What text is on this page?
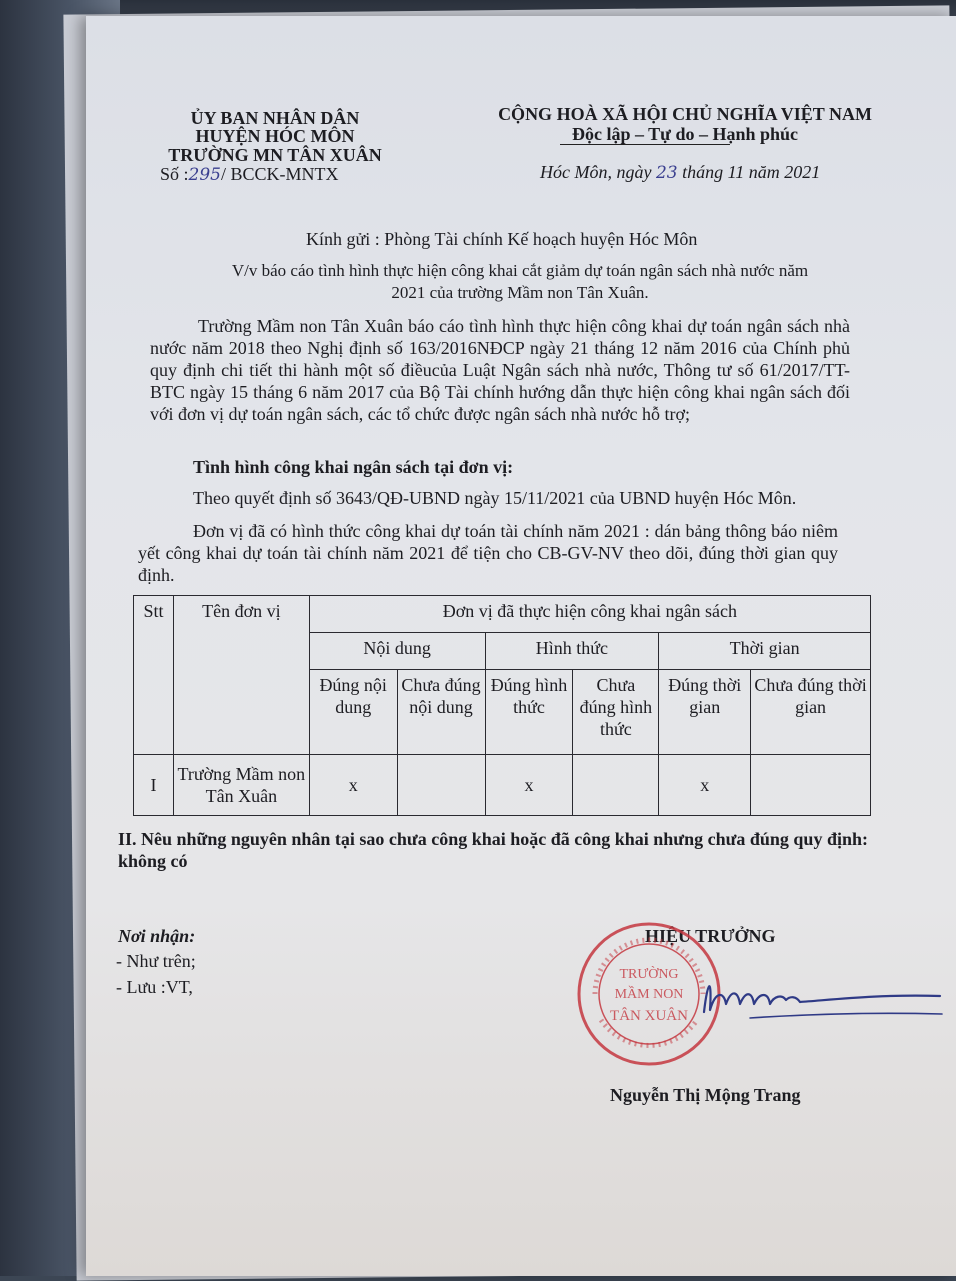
ỦY BAN NHÂN DÂN
HUYỆN HÓC MÔN
TRƯỜNG MN TÂN XUÂN
Số :295/ BCCK-MNTX
CỘNG HOÀ XÃ HỘI CHỦ NGHĨA VIỆT NAM
Độc lập – Tự do – Hạnh phúc
Hóc Môn, ngày 23 tháng 11 năm 2021
Kính gửi : Phòng Tài chính Kế hoạch huyện Hóc Môn
V/v báo cáo tình hình thực hiện công khai cắt giảm dự toán ngân sách nhà nước năm
2021 của trường Mầm non Tân Xuân.
Trường Mầm non Tân Xuân báo cáo tình hình thực hiện công khai dự toán ngân sách nhà nước năm 2018 theo Nghị định số 163/2016NĐCP ngày 21 tháng 12 năm 2016 của Chính phủ quy định chi tiết thi hành một số điềucủa Luật Ngân sách nhà nước, Thông tư số 61/2017/TT-BTC ngày 15 tháng 6 năm 2017 của Bộ Tài chính hướng dẫn thực hiện công khai ngân sách đối với đơn vị dự toán ngân sách, các tổ chức được ngân sách nhà nước hỗ trợ;
Tình hình công khai ngân sách tại đơn vị:
Theo quyết định số 3643/QĐ-UBND ngày 15/11/2021 của UBND huyện Hóc Môn.
Đơn vị đã có hình thức công khai dự toán tài chính năm 2021 : dán bảng thông báo niêm yết công khai dự toán tài chính năm 2021 để tiện cho CB-GV-NV theo dõi, đúng thời gian quy định.
Stt	Tên đơn vị	Đơn vị đã thực hiện công khai ngân sách					
		Nội dung		Hình thức		Thời gian	
		Đúng nội dung	Chưa đúng nội dung	Đúng hình thức	Chưa đúng hình thức	Đúng thời gian	Chưa đúng thời gian
I	Trường Mầm non Tân Xuân	x		x		x	
II. Nêu những nguyên nhân tại sao chưa công khai hoặc đã công khai nhưng chưa đúng quy định: không có
Nơi nhận:
- Như trên;
- Lưu :VT,
HIỆU TRƯỞNG
TRƯỜNG
MẦM NON
TÂN XUÂN
Nguyễn Thị Mộng Trang
